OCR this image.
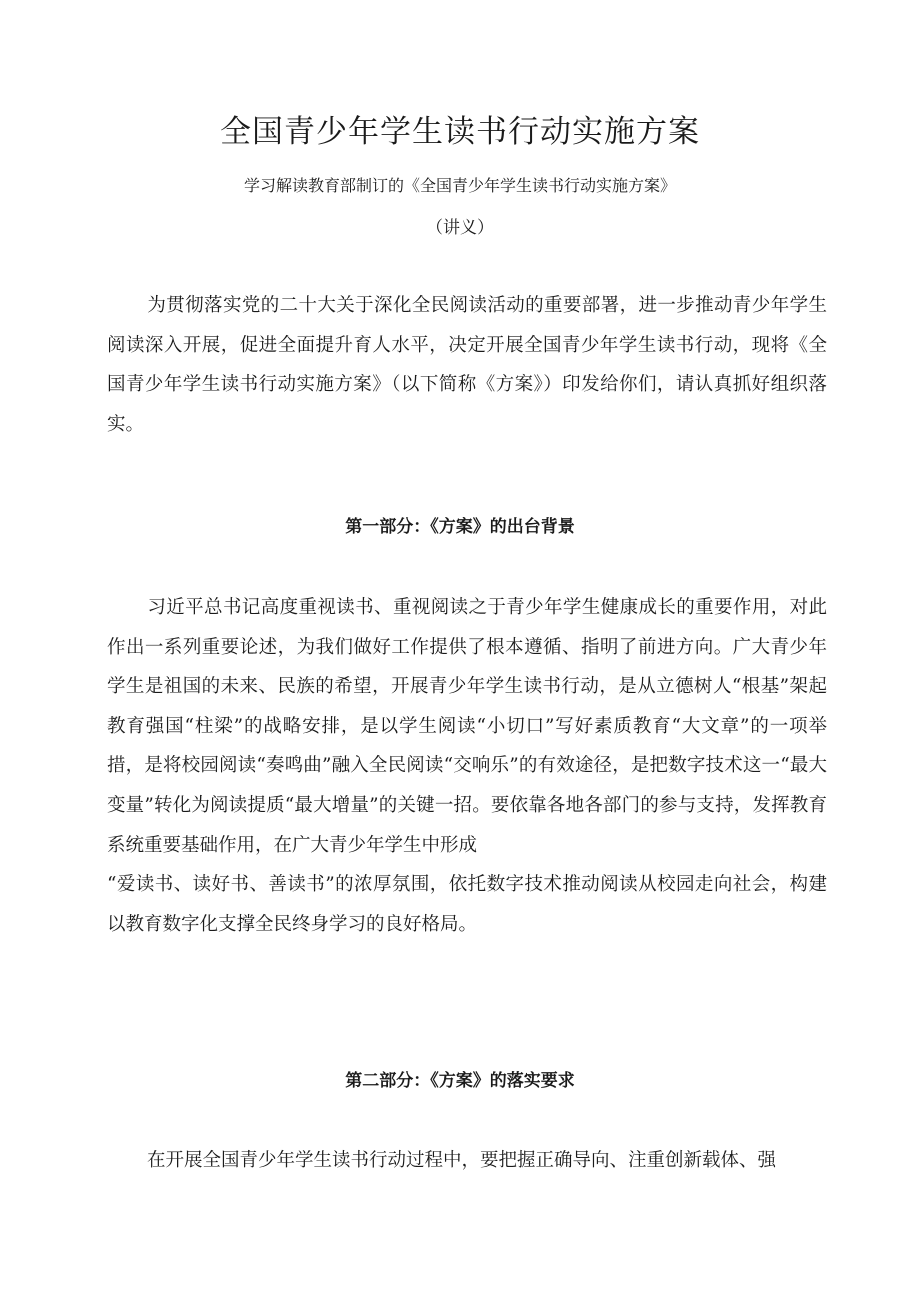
全国青少年学生读书行动实施方案
学习解读教育部制订的《全国青少年学生读书行动实施方案》
（讲义）

为贯彻落实党的二十大关于深化全民阅读活动的重要部署，进一步推动青少年学生阅读深入开展，促进全面提升育人水平，决定开展全国青少年学生读书行动，现将《全国青少年学生读书行动实施方案》（以下简称《方案》）印发给你们，请认真抓好组织落实。

第一部分：《方案》的出台背景
习近平总书记高度重视读书、重视阅读之于青少年学生健康成长的重要作用，对此作出一系列重要论述，为我们做好工作提供了根本遵循、指明了前进方向。广大青少年学生是祖国的未来、民族的希望，开展青少年学生读书行动，是从立德树人“根基”架起教育强国“柱梁”的战略安排，是以学生阅读“小切口”写好素质教育“大文章”的一项举措，是将校园阅读“奏鸣曲”融入全民阅读“交响乐”的有效途径，是把数字技术这一“最大变量”转化为阅读提质“最大增量”的关键一招。要依靠各地各部门的参与支持，发挥教育系统重要基础作用，在广大青少年学生中形成
“爱读书、读好书、善读书”的浓厚氛围，依托数字技术推动阅读从校园走向社会，构建以教育数字化支撑全民终身学习的良好格局。
第二部分：《方案》的落实要求

在开展全国青少年学生读书行动过程中，要把握正确导向、注重创新载体、强
